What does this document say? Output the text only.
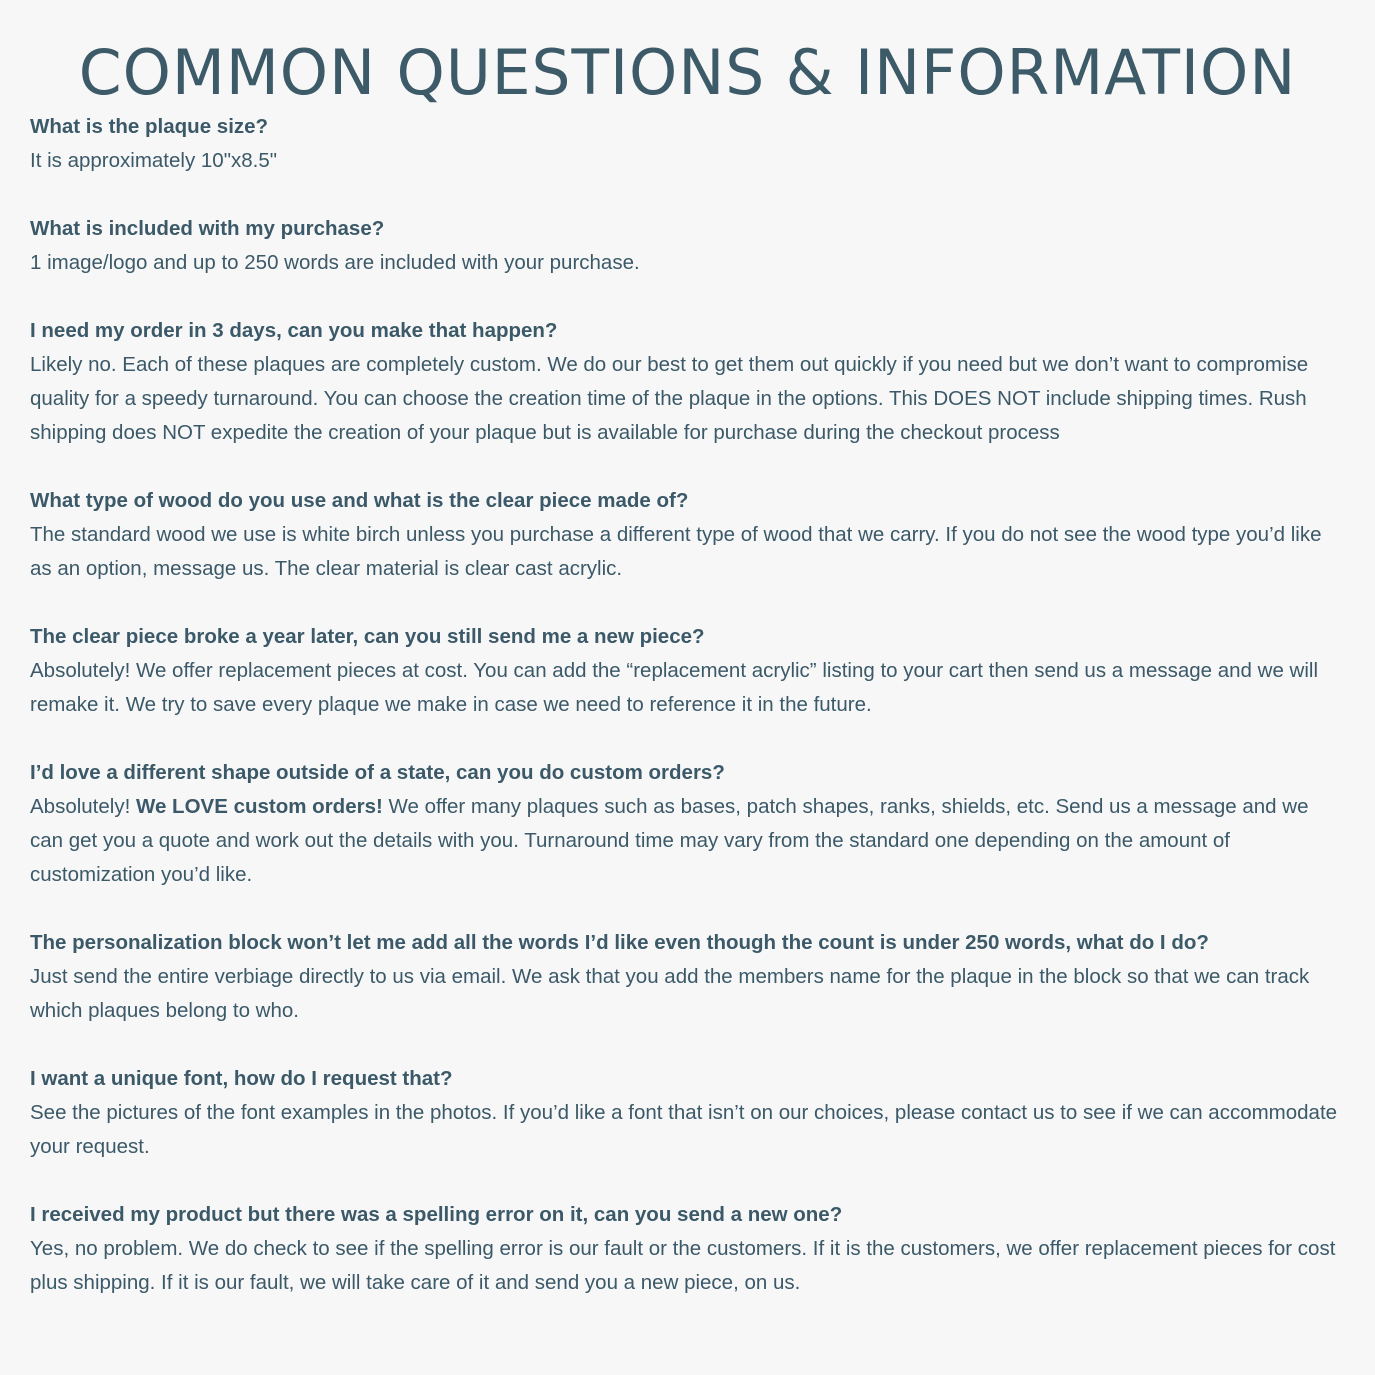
COMMON QUESTIONS & INFORMATION

What is the plaque size?

It is approximately 10"x8.5"

What is included with my purchase?

1 image/logo and up to 250 words are included with your purchase.

I need my order in 3 days, can you make that happen?

Likely no. Each of these plaques are completely custom. We do our best to get them out quickly if you need but we don’t want to compromise quality for a speedy turnaround. You can choose the creation time of the plaque in the options. This DOES NOT include shipping times. Rush shipping does NOT expedite the creation of your plaque but is available for purchase during the checkout process

What type of wood do you use and what is the clear piece made of?

The standard wood we use is white birch unless you purchase a different type of wood that we carry. If you do not see the wood type you’d like as an option, message us. The clear material is clear cast acrylic.

The clear piece broke a year later, can you still send me a new piece?

Absolutely! We offer replacement pieces at cost. You can add the “replacement acrylic” listing to your cart then send us a message and we will remake it. We try to save every plaque we make in case we need to reference it in the future.

I’d love a different shape outside of a state, can you do custom orders?

Absolutely! We LOVE custom orders! We offer many plaques such as bases, patch shapes, ranks, shields, etc. Send us a message and we can get you a quote and work out the details with you. Turnaround time may vary from the standard one depending on the amount of customization you’d like.

The personalization block won’t let me add all the words I’d like even though the count is under 250 words, what do I do?

Just send the entire verbiage directly to us via email. We ask that you add the members name for the plaque in the block so that we can track which plaques belong to who.

I want a unique font, how do I request that?

See the pictures of the font examples in the photos. If you’d like a font that isn’t on our choices, please contact us to see if we can accommodate your request.

I received my product but there was a spelling error on it, can you send a new one?

Yes, no problem. We do check to see if the spelling error is our fault or the customers. If it is the customers, we offer replacement pieces for cost plus shipping. If it is our fault, we will take care of it and send you a new piece, on us.
